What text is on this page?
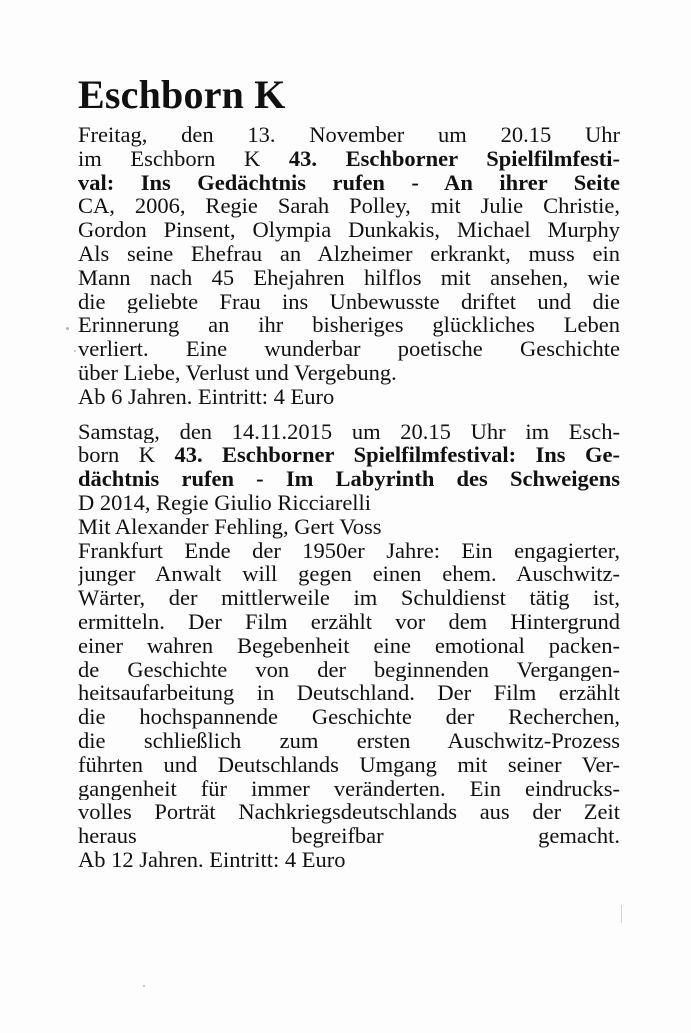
Eschborn K
Freitag, den 13. November um 20.15 Uhr
im Eschborn K 43. Eschborner Spielfilmfesti-
val: Ins Gedächtnis rufen - An ihrer Seite
CA, 2006, Regie Sarah Polley, mit Julie Christie,
Gordon Pinsent, Olympia Dunkakis, Michael Murphy
Als seine Ehefrau an Alzheimer erkrankt, muss ein
Mann nach 45 Ehejahren hilflos mit ansehen, wie
die geliebte Frau ins Unbewusste driftet und die
Erinnerung an ihr bisheriges glückliches Leben
verliert. Eine wunderbar poetische Geschichte
über Liebe, Verlust und Vergebung.
Ab 6 Jahren. Eintritt: 4 Euro
Samstag, den 14.11.2015 um 20.15 Uhr im Esch-
born K 43. Eschborner Spielfilmfestival: Ins Ge-
dächtnis rufen - Im Labyrinth des Schweigens
D 2014, Regie Giulio Ricciarelli
Mit Alexander Fehling, Gert Voss
Frankfurt Ende der 1950er Jahre: Ein engagierter,
junger Anwalt will gegen einen ehem. Auschwitz-
Wärter, der mittlerweile im Schuldienst tätig ist,
ermitteln. Der Film erzählt vor dem Hintergrund
einer wahren Begebenheit eine emotional packen-
de Geschichte von der beginnenden Vergangen-
heitsaufarbeitung in Deutschland. Der Film erzählt
die hochspannende Geschichte der Recherchen,
die schließlich zum ersten Auschwitz-Prozess
führten und Deutschlands Umgang mit seiner Ver-
gangenheit für immer veränderten. Ein eindrucks-
volles Porträt Nachkriegsdeutschlands aus der Zeit
heraus begreifbar gemacht.
Ab 12 Jahren. Eintritt: 4 Euro
